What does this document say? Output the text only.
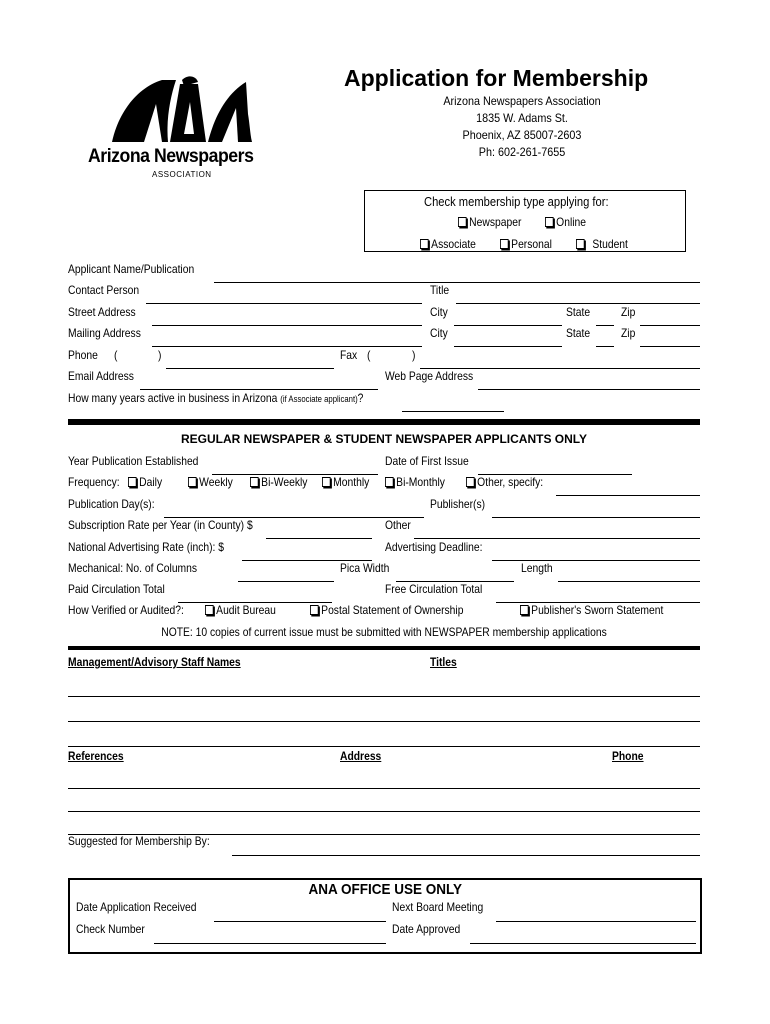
Arizona Newspapers
ASSOCIATION
Application for Membership
Arizona Newspapers Association
1835 W. Adams St.
Phoenix, AZ 85007-2603
Ph: 602-261-7655
Check membership type applying for:
Newspaper	Online
Associate	Personal	Student
Applicant Name/Publication
Contact Person	Title
Street Address	City	State	Zip
Mailing Address	City	State	Zip
Phone (	)	Fax (	)
Email Address	Web Page Address
How many years active in business in Arizona (if Associate applicant)?
REGULAR NEWSPAPER & STUDENT NEWSPAPER APPLICANTS ONLY
Year Publication Established	Date of First Issue
Frequency:	Daily	Weekly	Bi-Weekly	Monthly	Bi-Monthly	Other, specify:
Publication Day(s):	Publisher(s)
Subscription Rate per Year (in County) $	Other
National Advertising Rate (inch): $	Advertising Deadline:
Mechanical: No. of Columns	Pica Width	Length
Paid Circulation Total	Free Circulation Total
How Verified or Audited?:	Audit Bureau	Postal Statement of Ownership	Publisher's Sworn Statement
NOTE: 10 copies of current issue must be submitted with NEWSPAPER membership applications
Management/Advisory Staff Names	Titles
References	Address	Phone
Suggested for Membership By:
ANA OFFICE USE ONLY
Date Application Received	Next Board Meeting
Check Number	Date Approved
